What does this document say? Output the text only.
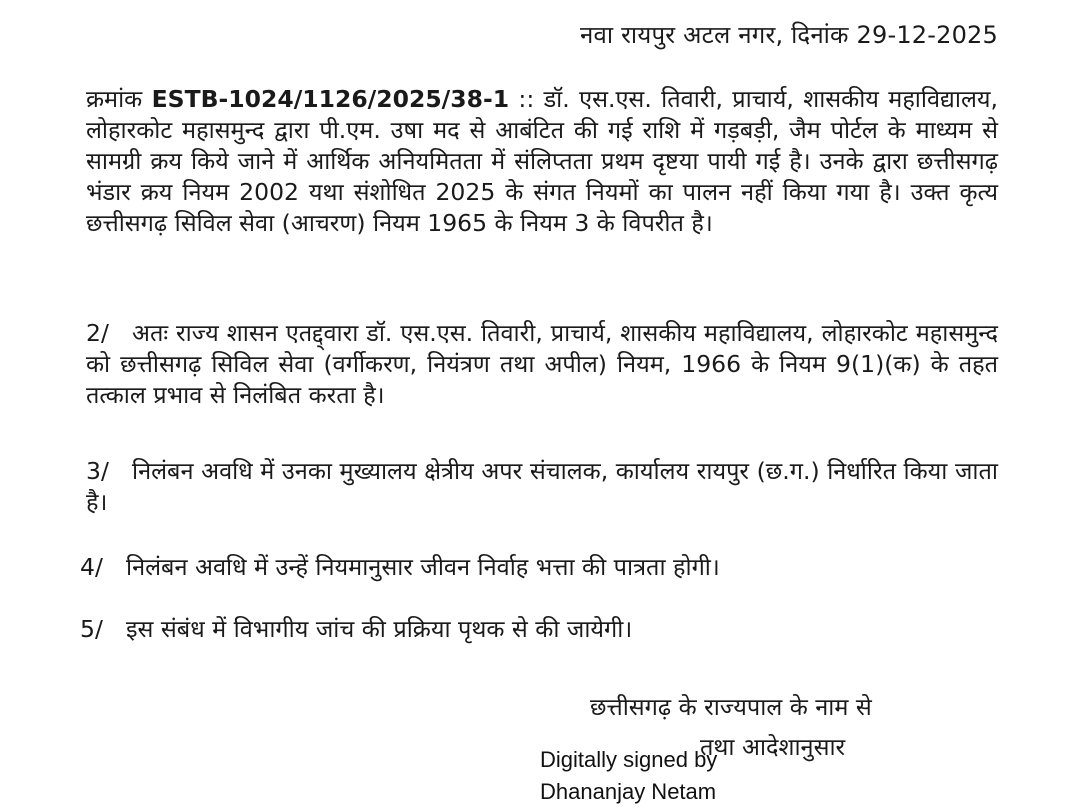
नवा रायपुर अटल नगर, दिनांक 29-12-2025
क्रमांक ESTB-1024/1126/2025/38-1 :: डॉ. एस.एस. तिवारी, प्राचार्य, शासकीय महाविद्यालय, लोहारकोट महासमुन्द द्वारा पी.एम. उषा मद से आबंटित की गई राशि में गड़बड़ी, जैम पोर्टल के माध्यम से सामग्री क्रय किये जाने में आर्थिक अनियमितता में संलिप्तता प्रथम दृष्टया पायी गई है। उनके द्वारा छत्तीसगढ़ भंडार क्रय नियम 2002 यथा संशोधित 2025 के संगत नियमों का पालन नहीं किया गया है। उक्त कृत्य छत्तीसगढ़ सिविल सेवा (आचरण) नियम 1965 के नियम 3 के विपरीत है।
2/ अतः राज्य शासन एतद्द्वारा डॉ. एस.एस. तिवारी, प्राचार्य, शासकीय महाविद्यालय, लोहारकोट महासमुन्द को छत्तीसगढ़ सिविल सेवा (वर्गीकरण, नियंत्रण तथा अपील) नियम, 1966 के नियम 9(1)(क) के तहत तत्काल प्रभाव से निलंबित करता है।
3/ निलंबन अवधि में उनका मुख्यालय क्षेत्रीय अपर संचालक, कार्यालय रायपुर (छ.ग.) निर्धारित किया जाता है।
4/ निलंबन अवधि में उन्हें नियमानुसार जीवन निर्वाह भत्ता की पात्रता होगी।
5/ इस संबंध में विभागीय जांच की प्रक्रिया पृथक से की जायेगी।
छत्तीसगढ़ के राज्यपाल के नाम से
तथा आदेशानुसार
Digitally signed by
Dhananjay Netam
